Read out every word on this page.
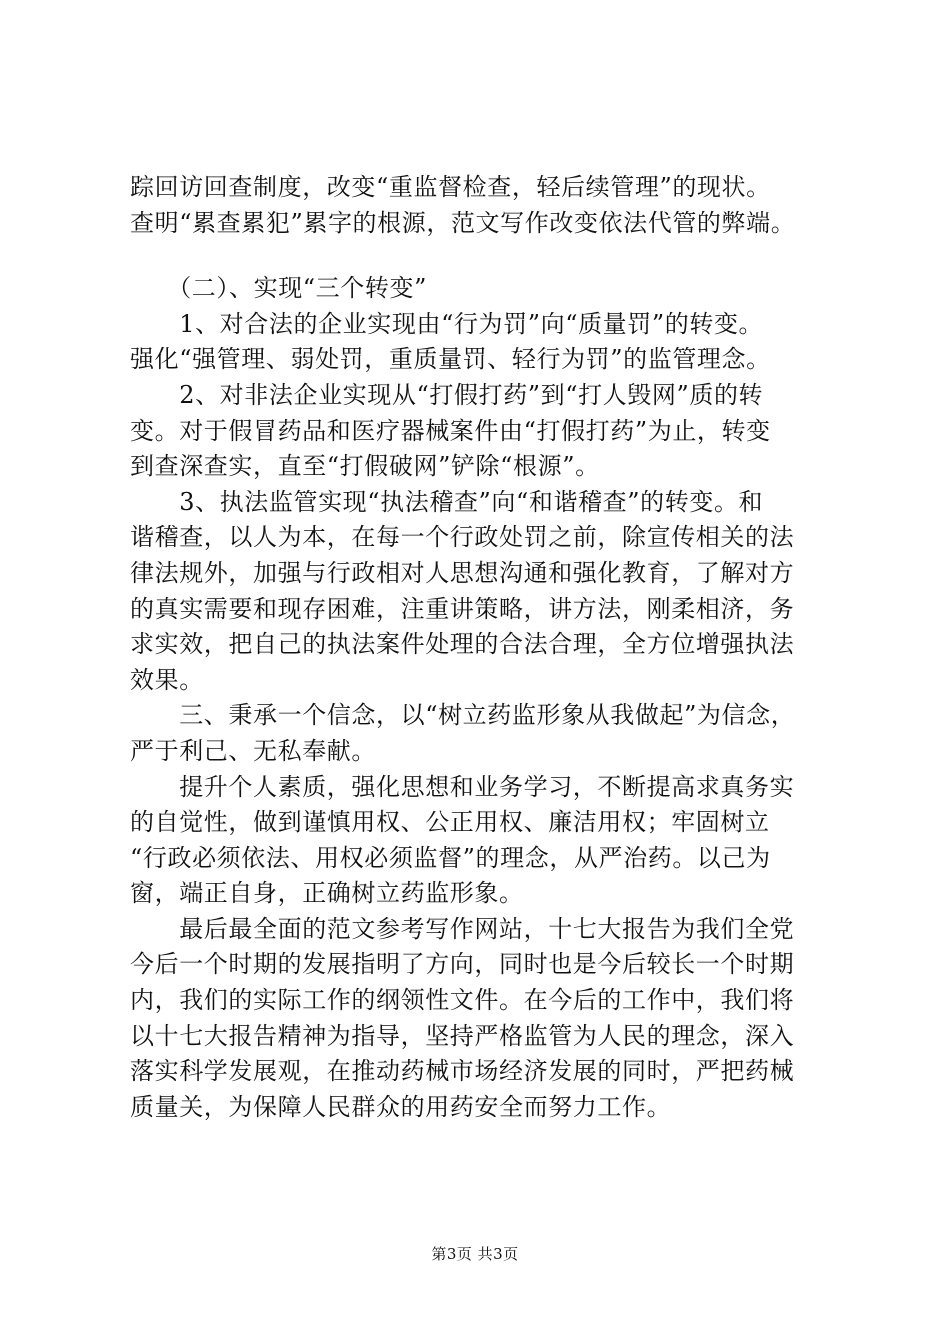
踪回访回查制度，改变“重监督检查，轻后续管理”的现状。
查明“累查累犯”累字的根源，范文写作改变依法代管的弊端。
　　（二）、实现“三个转变”
　　1、对合法的企业实现由“行为罚”向“质量罚”的转变。
强化“强管理、弱处罚，重质量罚、轻行为罚”的监管理念。
　　2、对非法企业实现从“打假打药”到“打人毁网”质的转
变。对于假冒药品和医疗器械案件由“打假打药”为止，转变
到查深查实，直至“打假破网”铲除“根源”。
　　3、执法监管实现“执法稽查”向“和谐稽查”的转变。和
谐稽查，以人为本，在每一个行政处罚之前，除宣传相关的法
律法规外，加强与行政相对人思想沟通和强化教育，了解对方
的真实需要和现存困难，注重讲策略，讲方法，刚柔相济，务
求实效，把自己的执法案件处理的合法合理，全方位增强执法
效果。
　　三、秉承一个信念，以“树立药监形象从我做起”为信念，
严于利己、无私奉献。
　　提升个人素质，强化思想和业务学习，不断提高求真务实
的自觉性，做到谨慎用权、公正用权、廉洁用权；牢固树立
“行政必须依法、用权必须监督”的理念，从严治药。以己为
窗，端正自身，正确树立药监形象。
　　最后最全面的范文参考写作网站，十七大报告为我们全党
今后一个时期的发展指明了方向，同时也是今后较长一个时期
内，我们的实际工作的纲领性文件。在今后的工作中，我们将
以十七大报告精神为指导，坚持严格监管为人民的理念，深入
落实科学发展观，在推动药械市场经济发展的同时，严把药械
质量关，为保障人民群众的用药安全而努力工作。
第3页 共3页
